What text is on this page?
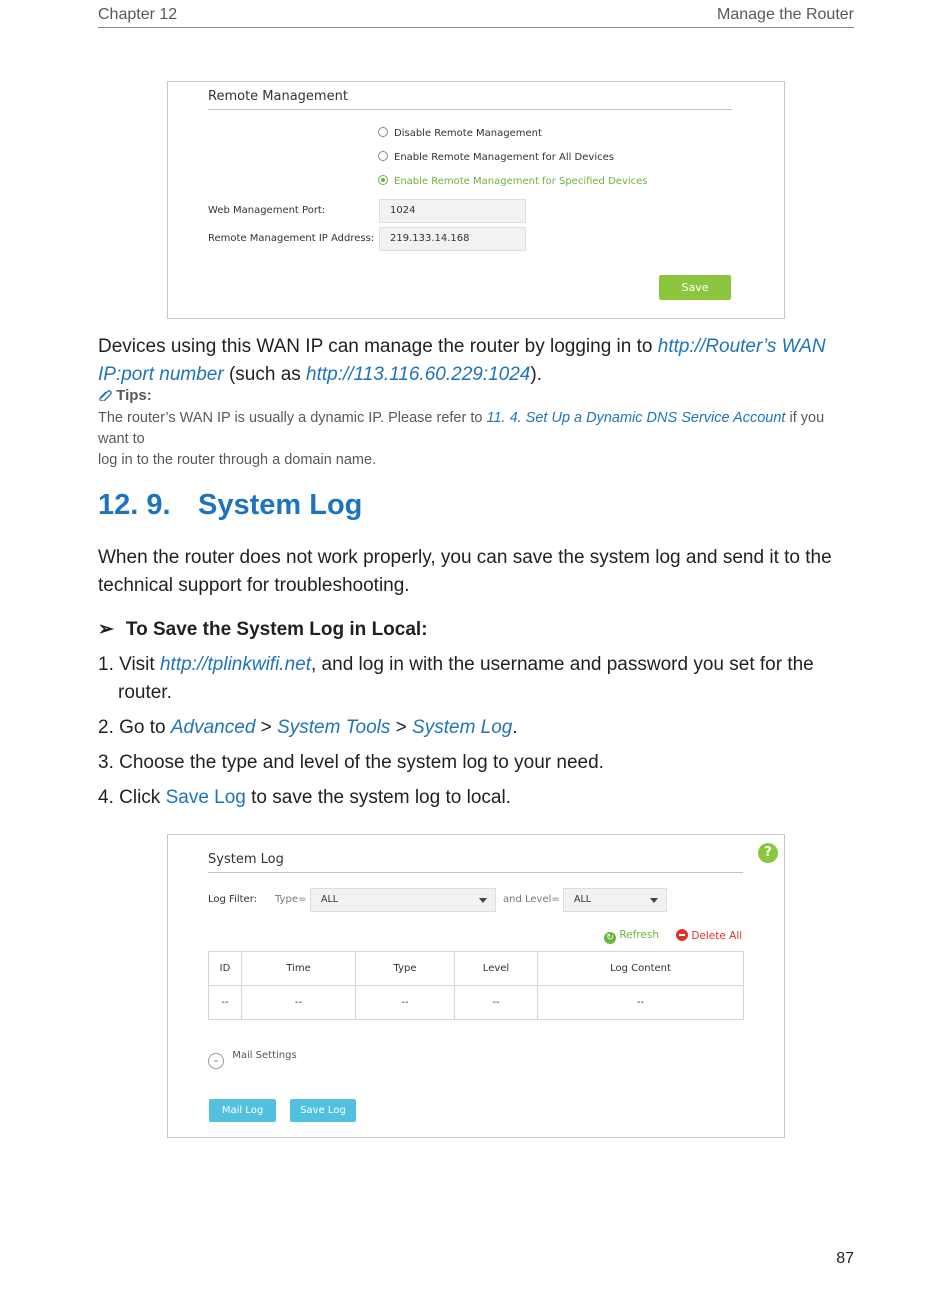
Chapter 12	Manage the Router
Remote Management
Disable Remote Management
Enable Remote Management for All Devices
Enable Remote Management for Specified Devices
Web Management Port:	1024
Remote Management IP Address:	219.133.14.168
Save
Devices using this WAN IP can manage the router by logging in to http://Router’s WAN
IP:port number (such as http://113.116.60.229:1024).
Tips:
The router’s WAN IP is usually a dynamic IP. Please refer to 11. 4. Set Up a Dynamic DNS Service Account if you want to
log in to the router through a domain name.
12. 9. System Log
When the router does not work properly, you can save the system log and send it to the
technical support for troubleshooting.
➢ To Save the System Log in Local:
1. Visit http://tplinkwifi.net, and log in with the username and password you set for the
router.
2. Go to Advanced > System Tools > System Log.
3. Choose the type and level of the system log to your need.
4. Click Save Log to save the system log to local.
System Log	?
Log Filter: Type=	ALL	and Level=	ALL
↻ Refresh	Delete All
ID	Time	Type	Level	Log Content
--	--	--	--	--
⌄ Mail Settings
Mail Log	Save Log
87
